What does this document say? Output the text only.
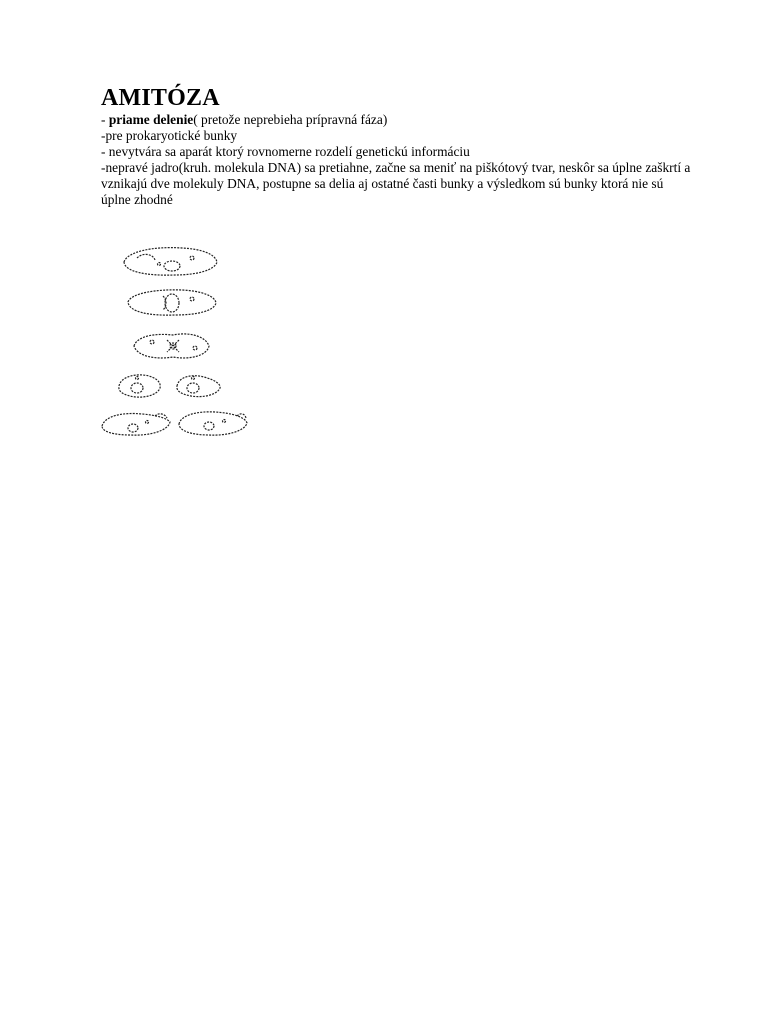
AMITÓZA
- priame delenie( pretože neprebieha prípravná fáza)
-pre prokaryotické bunky
- nevytvára sa aparát ktorý rovnomerne rozdelí genetickú informáciu
-nepravé jadro(kruh. molekula DNA) sa pretiahne, začne sa meniť na piškótový tvar, neskôr sa úplne zaškrtí a vznikajú dve molekuly DNA, postupne sa delia aj ostatné časti bunky a výsledkom sú bunky ktorá nie sú úplne zhodné
